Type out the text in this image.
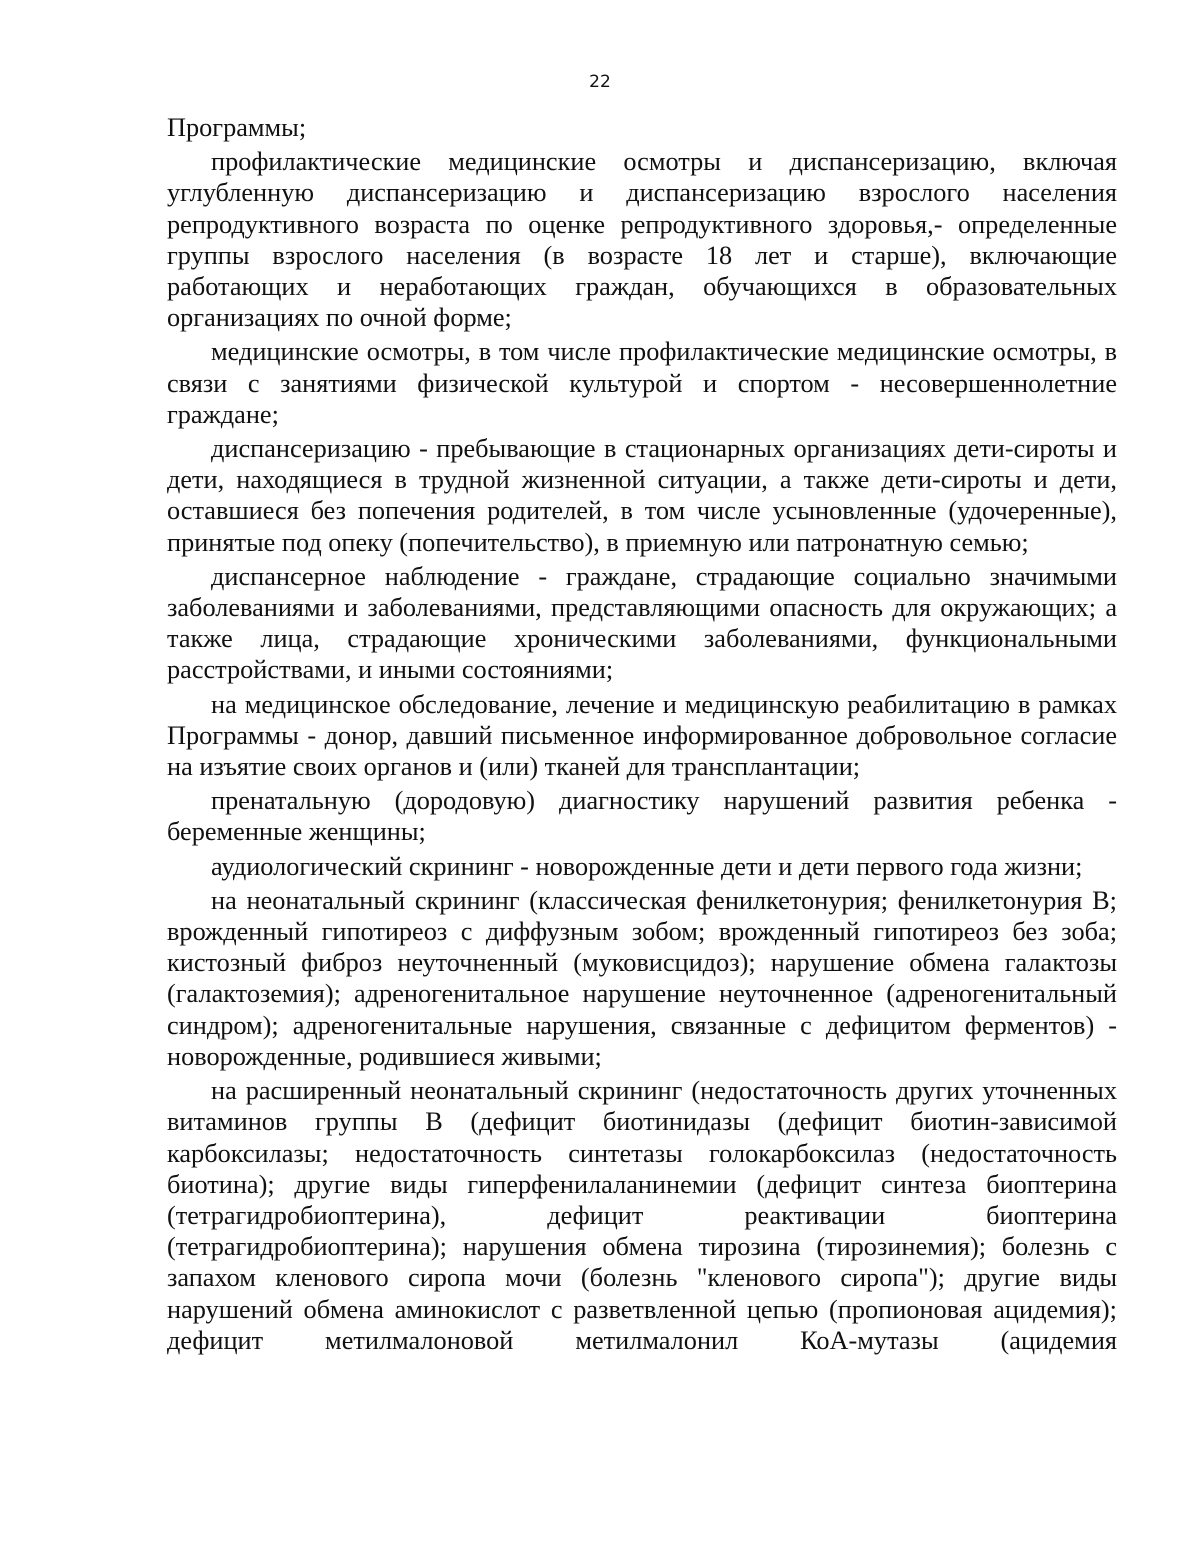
22

Программы;

профилактические медицинские осмотры и диспансеризацию, включая углубленную диспансеризацию и диспансеризацию взрослого населения репродуктивного возраста по оценке репродуктивного здоровья,- определенные группы взрослого населения (в возрасте 18 лет и старше), включающие работающих и неработающих граждан, обучающихся в образовательных организациях по очной форме;

медицинские осмотры, в том числе профилактические медицинские осмотры, в связи с занятиями физической культурой и спортом - несовершеннолетние граждане;

диспансеризацию - пребывающие в стационарных организациях дети-сироты и дети, находящиеся в трудной жизненной ситуации, а также дети-сироты и дети, оставшиеся без попечения родителей, в том числе усыновленные (удочеренные), принятые под опеку (попечительство), в приемную или патронатную семью;

диспансерное наблюдение - граждане, страдающие социально значимыми заболеваниями и заболеваниями, представляющими опасность для окружающих; а также лица, страдающие хроническими заболеваниями, функциональными расстройствами, и иными состояниями;

на медицинское обследование, лечение и медицинскую реабилитацию в рамках Программы - донор, давший письменное информированное добровольное согласие на изъятие своих органов и (или) тканей для трансплантации;

пренатальную (дородовую) диагностику нарушений развития ребенка - беременные женщины;

аудиологический скрининг - новорожденные дети и дети первого года жизни;

на неонатальный скрининг (классическая фенилкетонурия; фенилкетонурия B; врожденный гипотиреоз с диффузным зобом; врожденный гипотиреоз без зоба; кистозный фиброз неуточненный (муковисцидоз); нарушение обмена галактозы (галактоземия); адреногенитальное нарушение неуточненное (адреногенитальный синдром); адреногенитальные нарушения, связанные с дефицитом ферментов) - новорожденные, родившиеся живыми;

на расширенный неонатальный скрининг (недостаточность других уточненных витаминов группы B (дефицит биотинидазы (дефицит биотин-зависимой карбоксилазы; недостаточность синтетазы голокарбоксилаз (недостаточность биотина); другие виды гиперфенилаланинемии (дефицит синтеза биоптерина (тетрагидробиоптерина), дефицит реактивации биоптерина (тетрагидробиоптерина); нарушения обмена тирозина (тирозинемия); болезнь с запахом кленового сиропа мочи (болезнь "кленового сиропа"); другие виды нарушений обмена аминокислот с разветвленной цепью (пропионовая ацидемия); дефицит метилмалоновой метилмалонил КоА-мутазы (ацидемия
